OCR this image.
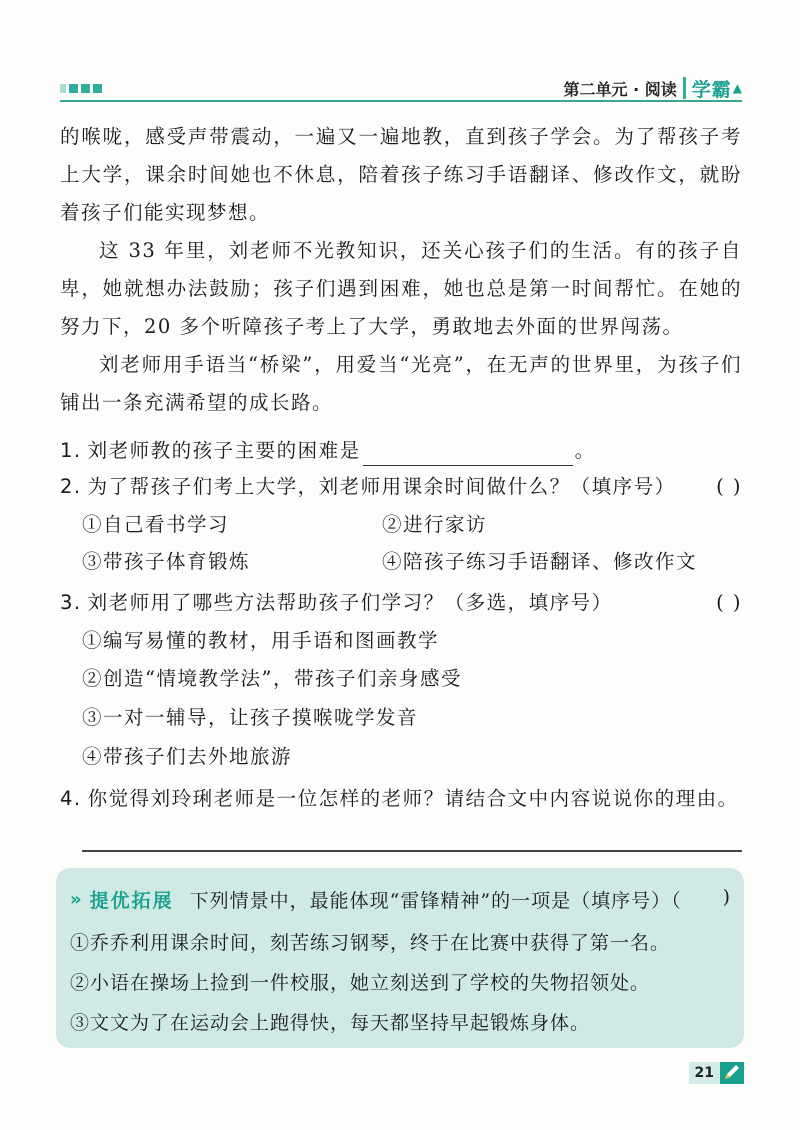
第二单元 · 阅读 学霸 ▲

的喉咙，感受声带震动，一遍又一遍地教，直到孩子学会。为了帮孩子考上大学，课余时间她也不休息，陪着孩子练习手语翻译、修改作文，就盼着孩子们能实现梦想。

这 33 年里，刘老师不光教知识，还关心孩子们的生活。有的孩子自卑，她就想办法鼓励；孩子们遇到困难，她也总是第一时间帮忙。在她的努力下，20 多个听障孩子考上了大学，勇敢地去外面的世界闯荡。

刘老师用手语当“桥梁”，用爱当“光亮”，在无声的世界里，为孩子们铺出一条充满希望的成长路。

1. 刘老师教的孩子主要的困难是	。
2. 为了帮孩子们考上大学，刘老师用课余时间做什么？（填序号） ( )
①自己看书学习	②进行家访
③带孩子体育锻炼	④陪孩子练习手语翻译、修改作文
3. 刘老师用了哪些方法帮助孩子们学习？（多选，填序号）	( )
①编写易懂的教材，用手语和图画教学
②创造“情境教学法”，带孩子们亲身感受
③一对一辅导，让孩子摸喉咙学发音
④带孩子们去外地旅游
4. 你觉得刘玲琍老师是一位怎样的老师？请结合文中内容说说你的理由。
» 提优拓展 下列情景中，最能体现“雷锋精神”的一项是（填序号）（ )
①乔乔利用课余时间，刻苦练习钢琴，终于在比赛中获得了第一名。
②小语在操场上捡到一件校服，她立刻送到了学校的失物招领处。
③文文为了在运动会上跑得快，每天都坚持早起锻炼身体。
21
